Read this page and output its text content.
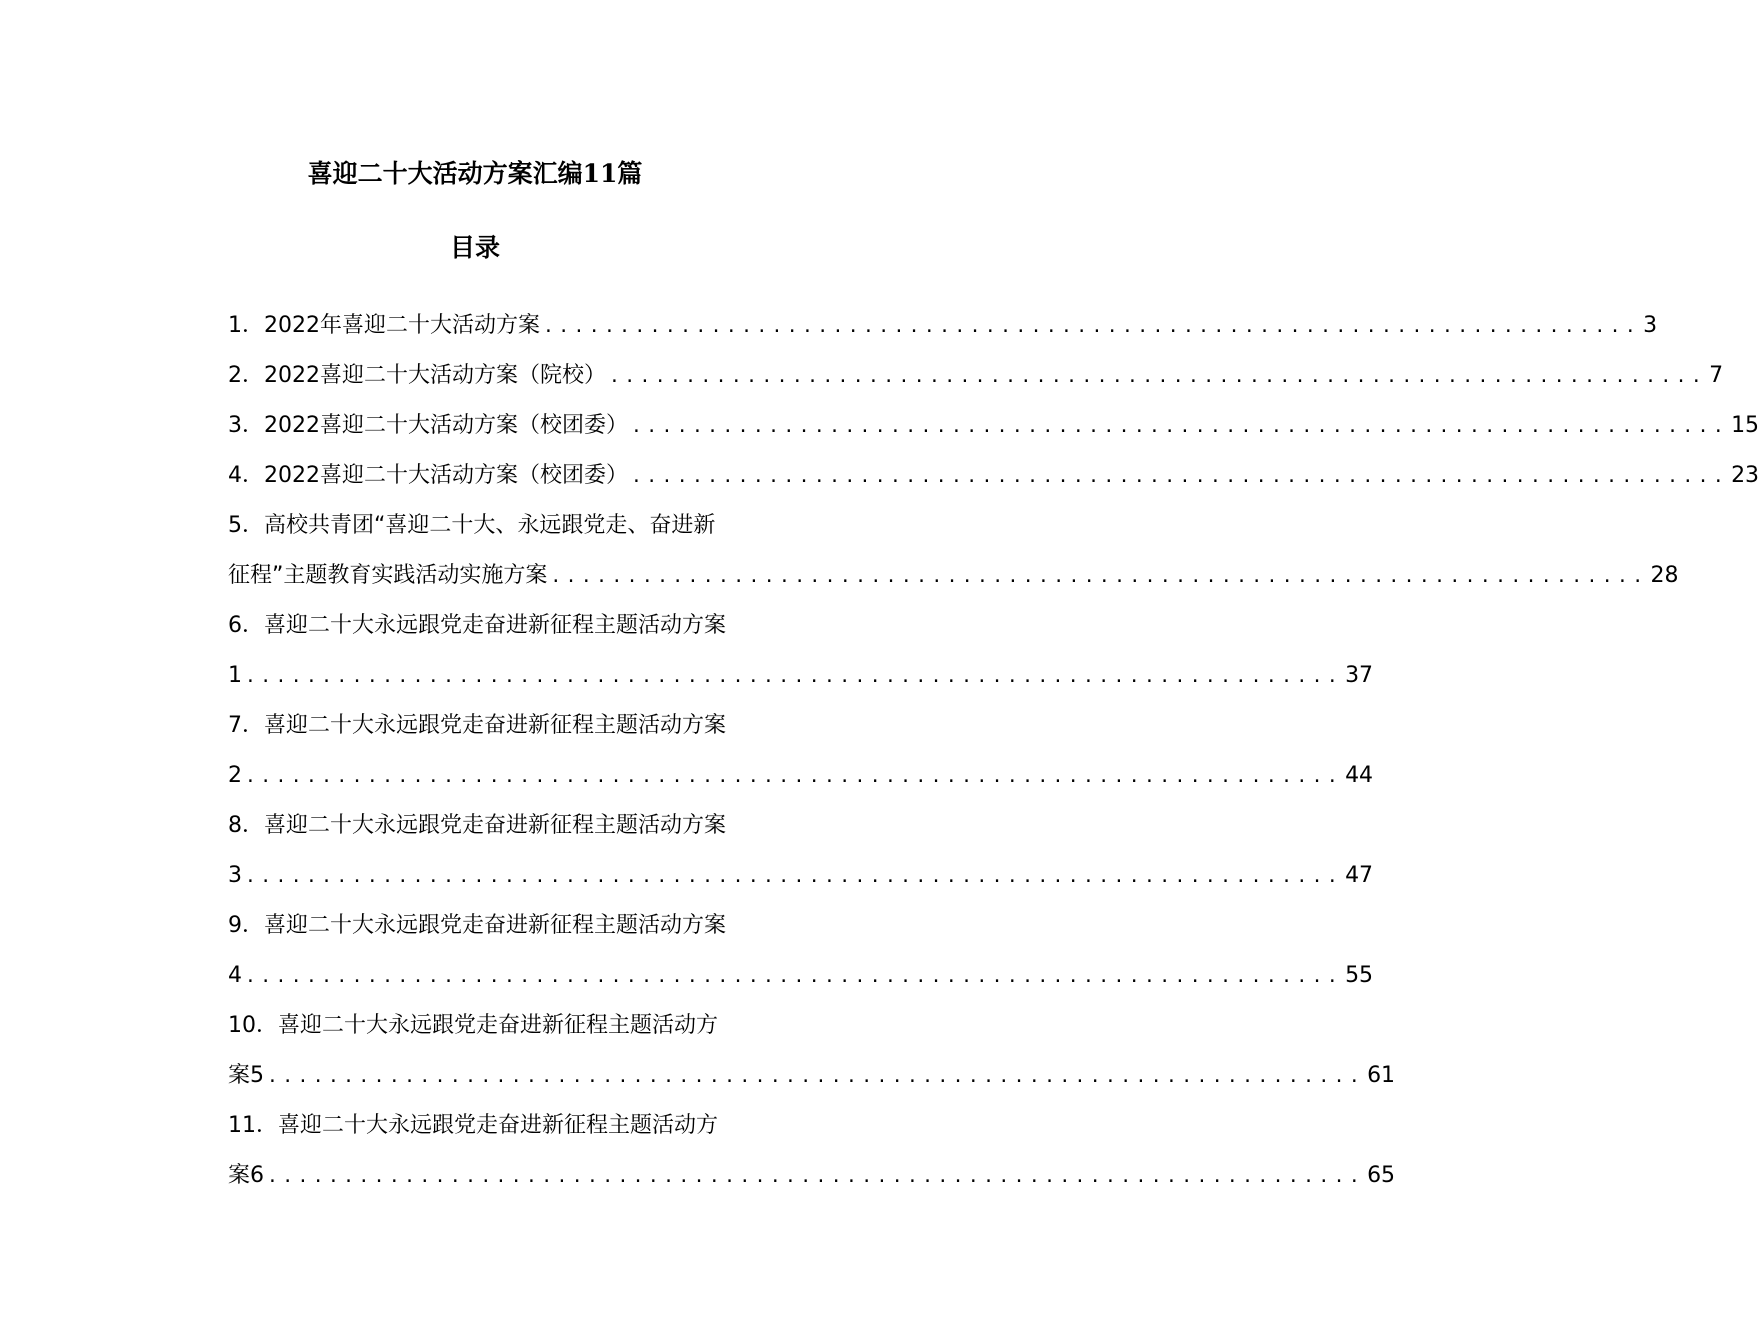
喜迎二十大活动方案汇编11篇
目录
1．2022年喜迎二十大活动方案 ........................................................................ 3
2．2022喜迎二十大活动方案（院校） ........................................................................ 7
3．2022喜迎二十大活动方案（校团委） ........................................................................ 15
4．2022喜迎二十大活动方案（校团委） ........................................................................ 23
5．高校共青团“喜迎二十大、永远跟党走、奋进新
征程”主题教育实践活动实施方案 ........................................................................ 28
6．喜迎二十大永远跟党走奋进新征程主题活动方案
1 ........................................................................ 37
7．喜迎二十大永远跟党走奋进新征程主题活动方案
2 ........................................................................ 44
8．喜迎二十大永远跟党走奋进新征程主题活动方案
3 ........................................................................ 47
9．喜迎二十大永远跟党走奋进新征程主题活动方案
4 ........................................................................ 55
10．喜迎二十大永远跟党走奋进新征程主题活动方
案5 ........................................................................ 61
11．喜迎二十大永远跟党走奋进新征程主题活动方
案6 ........................................................................ 65
